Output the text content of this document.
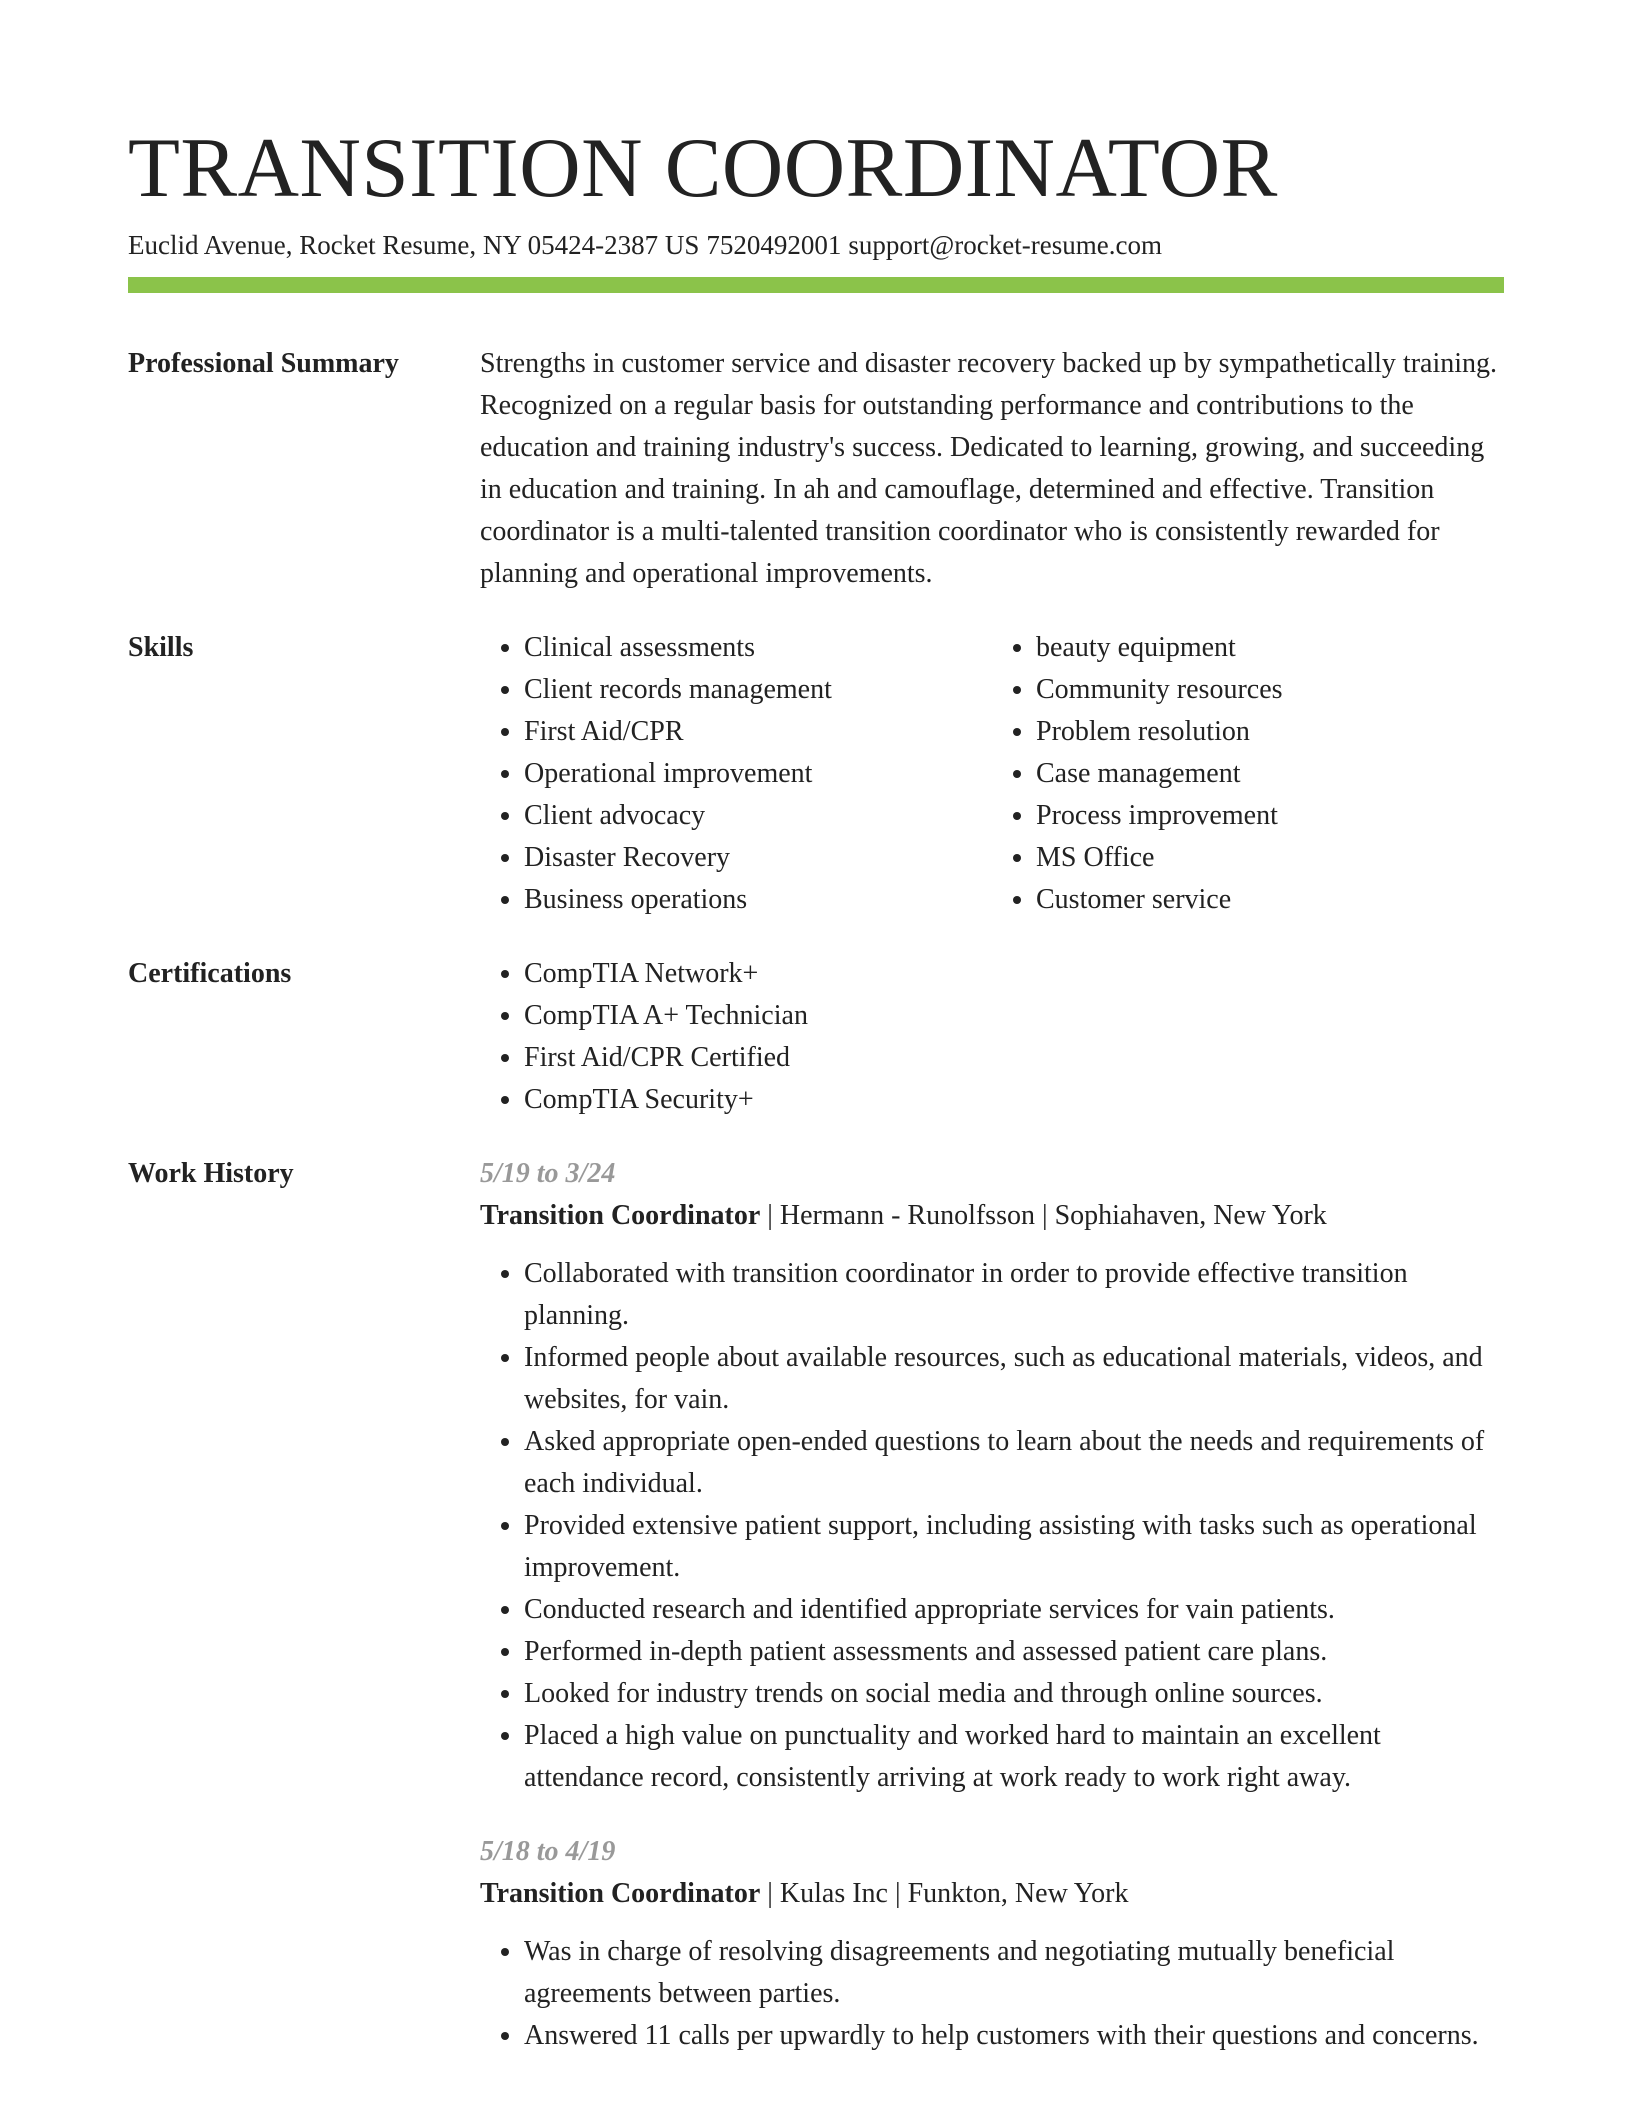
TRANSITION COORDINATOR
Euclid Avenue, Rocket Resume, NY 05424-2387 US 7520492001 support@rocket-resume.com
Professional Summary	Strengths in customer service and disaster recovery backed up by sympathetically training. Recognized on a regular basis for outstanding performance and contributions to the education and training industry's success. Dedicated to learning, growing, and succeeding in education and training. In ah and camouflage, determined and effective. Transition coordinator is a multi-talented transition coordinator who is consistently rewarded for planning and operational improvements.

Skills	• Clinical assessments
• Client records management
• First Aid/CPR
• Operational improvement
• Client advocacy
• Disaster Recovery
• Business operations
• beauty equipment
• Community resources
• Problem resolution
• Case management
• Process improvement
• MS Office
• Customer service
Certifications	• CompTIA Network+
• CompTIA A+ Technician
• First Aid/CPR Certified
• CompTIA Security+
Work History	5/19 to 3/24
Transition Coordinator | Hermann - Runolfsson | Sophiahaven, New York
• Collaborated with transition coordinator in order to provide effective transition planning.
• Informed people about available resources, such as educational materials, videos, and websites, for vain.
• Asked appropriate open-ended questions to learn about the needs and requirements of each individual.
• Provided extensive patient support, including assisting with tasks such as operational improvement.
• Conducted research and identified appropriate services for vain patients.
• Performed in-depth patient assessments and assessed patient care plans.
• Looked for industry trends on social media and through online sources.
• Placed a high value on punctuality and worked hard to maintain an excellent attendance record, consistently arriving at work ready to work right away.
5/18 to 4/19
Transition Coordinator | Kulas Inc | Funkton, New York
• Was in charge of resolving disagreements and negotiating mutually beneficial agreements between parties.
• Answered 11 calls per upwardly to help customers with their questions and concerns.
